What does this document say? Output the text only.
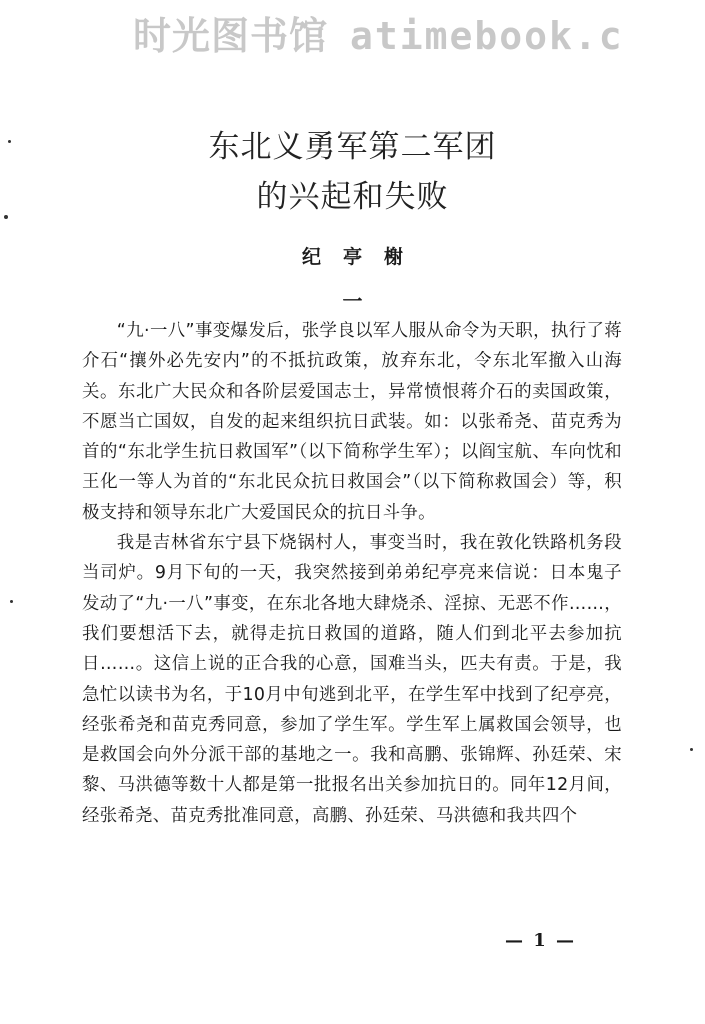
时光图书馆 atimebook.c
东北义勇军第二军团
的兴起和失败
纪亭榭
一

“九·一八”事变爆发后，张学良以军人服从命令为天职，执行了蒋介石“攘外必先安内”的不抵抗政策，放弃东北，令东北军撤入山海关。东北广大民众和各阶层爱国志士，异常愤恨蒋介石的卖国政策，不愿当亡国奴，自发的起来组织抗日武装。如：以张希尧、苗克秀为首的“东北学生抗日救国军”（以下简称学生军）；以阎宝航、车向忱和王化一等人为首的“东北民众抗日救国会”（以下简称救国会）等，积极支持和领导东北广大爱国民众的抗日斗争。

我是吉林省东宁县下烧锅村人，事变当时，我在敦化铁路机务段当司炉。9月下旬的一天，我突然接到弟弟纪亭亮来信说：日本鬼子发动了“九·一八”事变，在东北各地大肆烧杀、淫掠、无恶不作……，我们要想活下去，就得走抗日救国的道路，随人们到北平去参加抗日……。这信上说的正合我的心意，国难当头，匹夫有责。于是，我急忙以读书为名，于10月中旬逃到北平，在学生军中找到了纪亭亮，经张希尧和苗克秀同意，参加了学生军。学生军上属救国会领导，也是救国会向外分派干部的基地之一。我和高鹏、张锦辉、孙廷荣、宋黎、马洪德等数十人都是第一批报名出关参加抗日的。同年12月间，经张希尧、苗克秀批准同意，高鹏、孙廷荣、马洪德和我共四个

— 1 —
